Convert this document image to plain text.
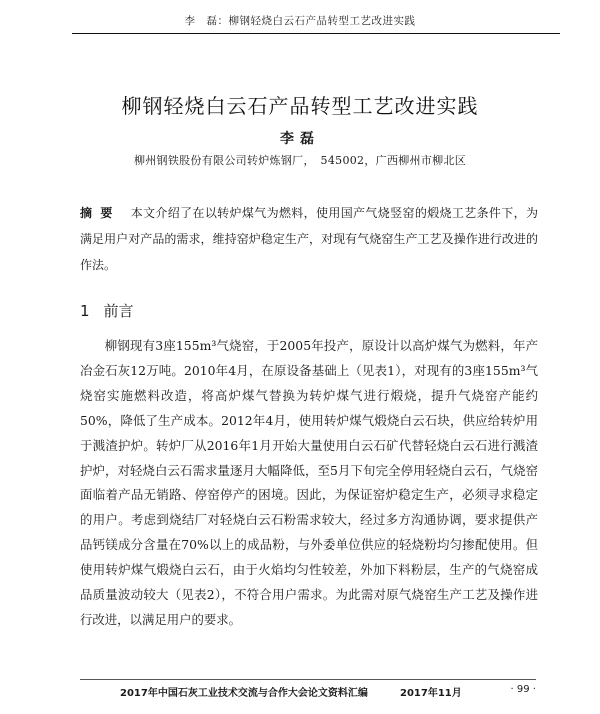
李　磊：柳钢轻烧白云石产品转型工艺改进实践
柳钢轻烧白云石产品转型工艺改进实践
李磊
柳州钢铁股份有限公司转炉炼钢厂，　545002，广西柳州市柳北区
摘要 本文介绍了在以转炉煤气为燃料，使用国产气烧竖窑的煅烧工艺条件下，为满足用户对产品的需求，维持窑炉稳定生产，对现有气烧窑生产工艺及操作进行改进的作法。
1 前言
柳钢现有3座155m³气烧窑，于2005年投产，原设计以高炉煤气为燃料，年产冶金石灰12万吨。2010年4月，在原设备基础上（见表1），对现有的3座155m³气烧窑实施燃料改造，将高炉煤气替换为转炉煤气进行煅烧，提升气烧窑产能约50%，降低了生产成本。2012年4月，使用转炉煤气煅烧白云石块，供应给转炉用于溅渣护炉。转炉厂从2016年1月开始大量使用白云石矿代替轻烧白云石进行溅渣护炉，对轻烧白云石需求量逐月大幅降低，至5月下旬完全停用轻烧白云石，气烧窑面临着产品无销路、停窑停产的困境。因此，为保证窑炉稳定生产，必须寻求稳定的用户。考虑到烧结厂对轻烧白云石粉需求较大，经过多方沟通协调，要求提供产品钙镁成分含量在70%以上的成品粉，与外委单位供应的轻烧粉均匀掺配使用。但使用转炉煤气煅烧白云石，由于火焰均匀性较差，外加下料粉层，生产的气烧窑成品质量波动较大（见表2），不符合用户需求。为此需对原气烧窑生产工艺及操作进行改进，以满足用户的要求。
2017年中国石灰工业技术交流与合作大会论文资料汇编	2017年11月	· 99 ·
